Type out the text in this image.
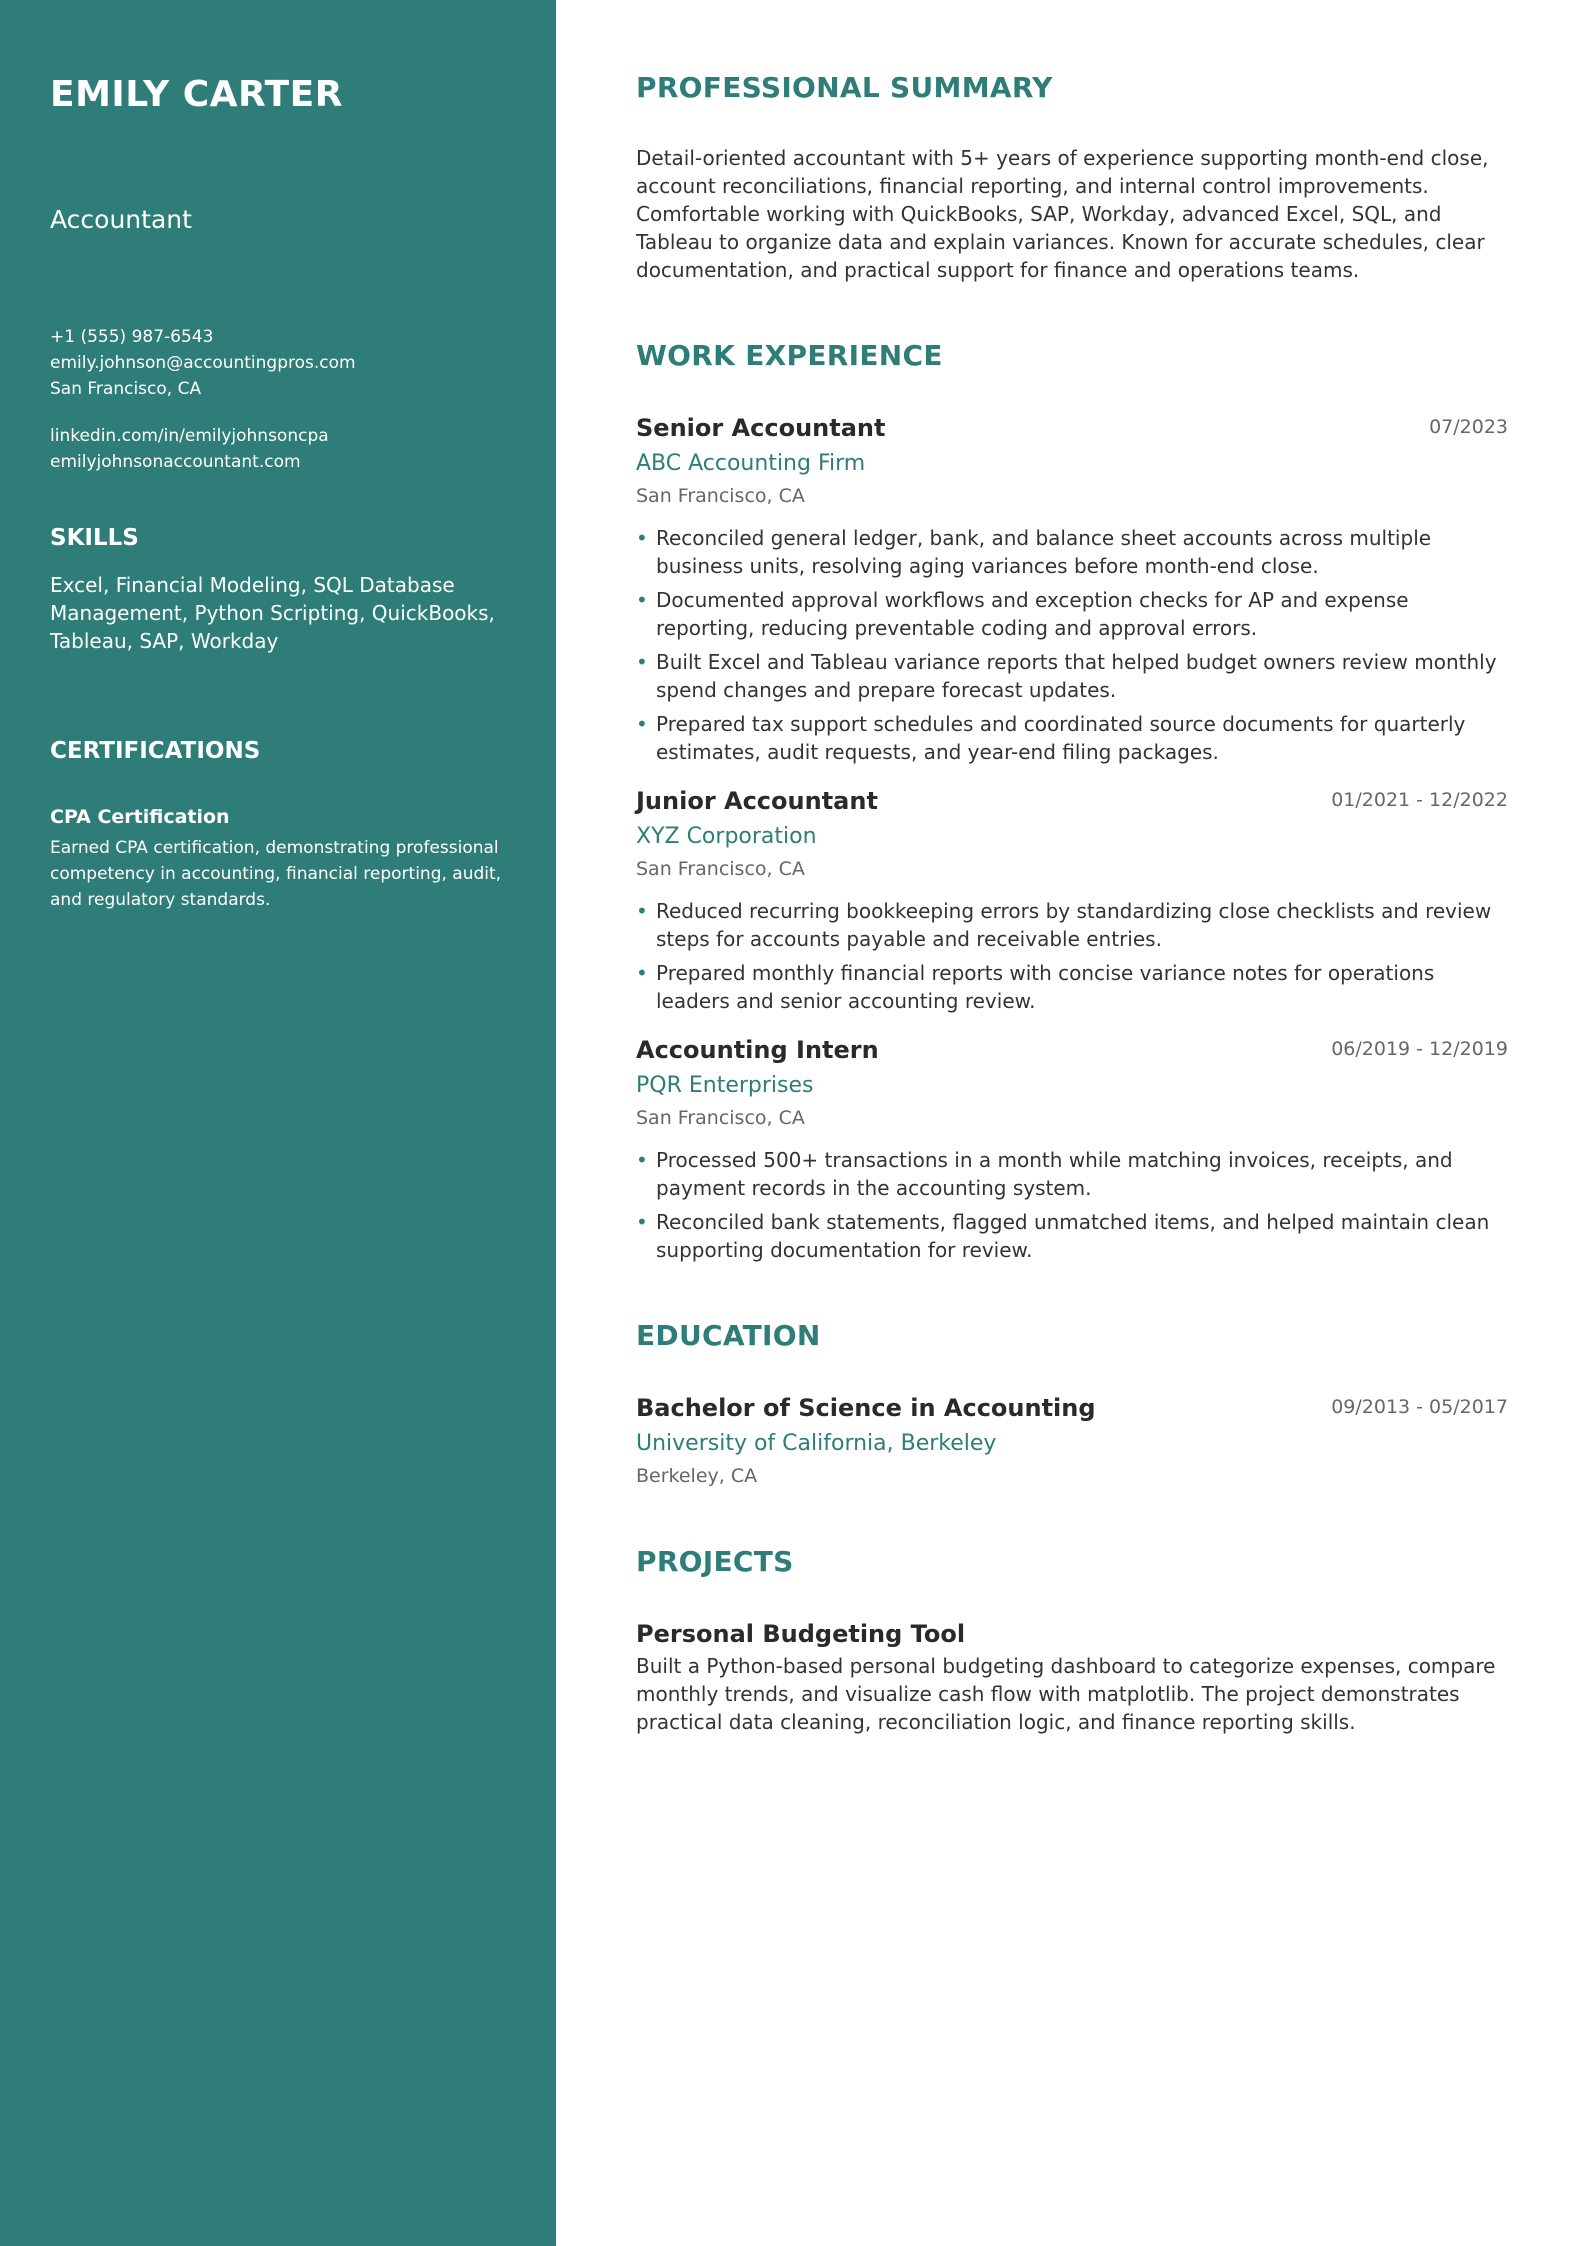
EMILY CARTER
Accountant
+1 (555) 987-6543
emily.johnson@accountingpros.com
San Francisco, CA
linkedin.com/in/emilyjohnsoncpa
emilyjohnsonaccountant.com
SKILLS
Excel, Financial Modeling, SQL Database Management, Python Scripting, QuickBooks, Tableau, SAP, Workday
CERTIFICATIONS
CPA Certification
Earned CPA certification, demonstrating professional competency in accounting, financial reporting, audit, and regulatory standards.
PROFESSIONAL SUMMARY
Detail-oriented accountant with 5+ years of experience supporting month-end close, account reconciliations, financial reporting, and internal control improvements. Comfortable working with QuickBooks, SAP, Workday, advanced Excel, SQL, and Tableau to organize data and explain variances. Known for accurate schedules, clear documentation, and practical support for finance and operations teams.
WORK EXPERIENCE
Senior Accountant	07/2023
ABC Accounting Firm
San Francisco, CA
• Reconciled general ledger, bank, and balance sheet accounts across multiple business units, resolving aging variances before month-end close.
• Documented approval workflows and exception checks for AP and expense reporting, reducing preventable coding and approval errors.
• Built Excel and Tableau variance reports that helped budget owners review monthly spend changes and prepare forecast updates.
• Prepared tax support schedules and coordinated source documents for quarterly estimates, audit requests, and year-end filing packages.
Junior Accountant	01/2021 - 12/2022
XYZ Corporation
San Francisco, CA
• Reduced recurring bookkeeping errors by standardizing close checklists and review steps for accounts payable and receivable entries.
• Prepared monthly financial reports with concise variance notes for operations leaders and senior accounting review.
Accounting Intern	06/2019 - 12/2019
PQR Enterprises
San Francisco, CA
• Processed 500+ transactions in a month while matching invoices, receipts, and payment records in the accounting system.
• Reconciled bank statements, flagged unmatched items, and helped maintain clean supporting documentation for review.
EDUCATION
Bachelor of Science in Accounting	09/2013 - 05/2017
University of California, Berkeley
Berkeley, CA
PROJECTS
Personal Budgeting Tool
Built a Python-based personal budgeting dashboard to categorize expenses, compare monthly trends, and visualize cash flow with matplotlib. The project demonstrates practical data cleaning, reconciliation logic, and finance reporting skills.
